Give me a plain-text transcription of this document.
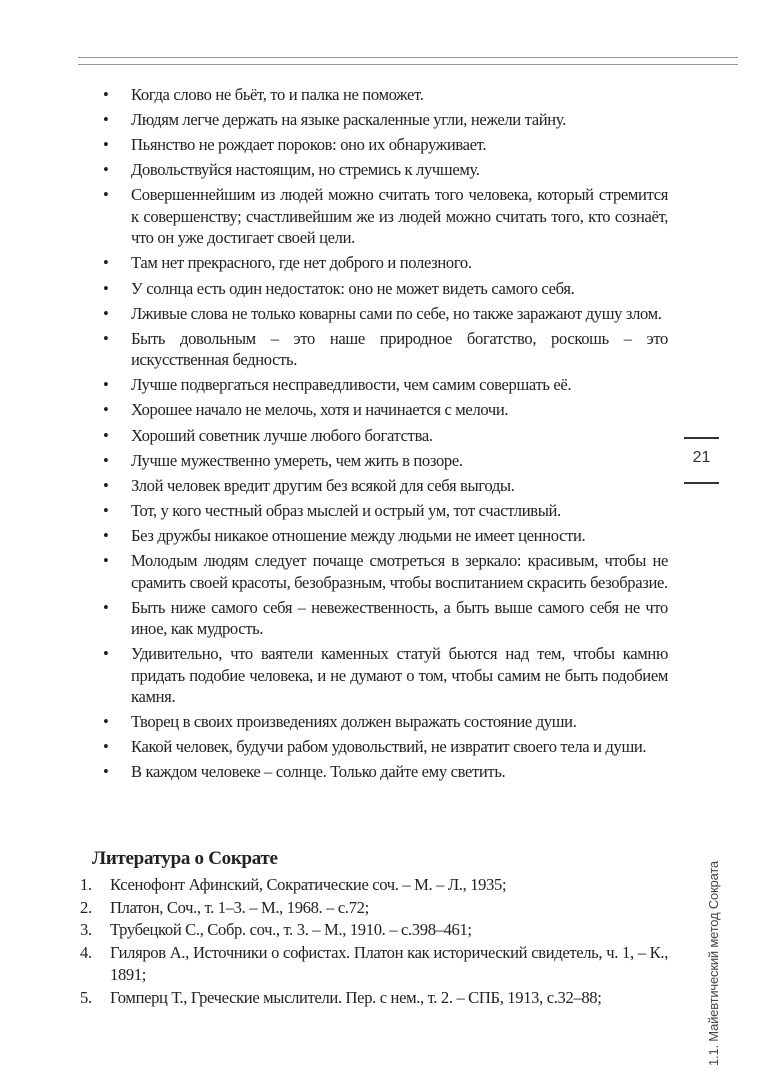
• Когда слово не бьёт, то и палка не поможет.
• Людям легче держать на языке раскаленные угли, нежели тайну.
• Пьянство не рождает пороков: оно их обнаруживает.
• Довольствуйся настоящим, но стремись к лучшему.
• Совершеннейшим из людей можно считать того человека, который стремится к совершенству; счастливейшим же из людей можно считать того, кто сознаёт, что он уже достигает своей цели.
• Там нет прекрасного, где нет доброго и полезного.
• У солнца есть один недостаток: оно не может видеть самого себя.
• Лживые слова не только коварны сами по себе, но также заражают душу злом.
• Быть довольным – это наше природное богатство, роскошь – это искусственная бедность.
• Лучше подвергаться несправедливости, чем самим совершать её.
• Хорошее начало не мелочь, хотя и начинается с мелочи.
• Хороший советник лучше любого богатства.
• Лучше мужественно умереть, чем жить в позоре.
• Злой человек вредит другим без всякой для себя выгоды.
• Тот, у кого честный образ мыслей и острый ум, тот счастливый.
• Без дружбы никакое отношение между людьми не имеет ценности.
• Молодым людям следует почаще смотреться в зеркало: красивым, чтобы не срамить своей красоты, безобразным, чтобы воспитанием скрасить безобразие.
• Быть ниже самого себя – невежественность, а быть выше самого себя не что иное, как мудрость.
• Удивительно, что ваятели каменных статуй бьются над тем, чтобы камню придать подобие человека, и не думают о том, чтобы самим не быть подобием камня.
• Творец в своих произведениях должен выражать состояние души.
• Какой человек, будучи рабом удовольствий, не извратит своего тела и души.
• В каждом человеке – солнце. Только дайте ему светить.
Литература о Сократе
1. Ксенофонт Афинский, Сократические соч. – М. – Л., 1935;
2. Платон, Соч., т. 1–3. – М., 1968. – с.72;
3. Трубецкой С., Собр. соч., т. 3. – М., 1910. – с.398–461;
4. Гиляров А., Источники о софистах. Платон как исторический свидетель, ч. 1, – К., 1891;
5. Гомперц Т., Греческие мыслители. Пер. с нем., т. 2. – СПБ, 1913, с.32–88;
21
1.1. Майевтический метод Сократа
